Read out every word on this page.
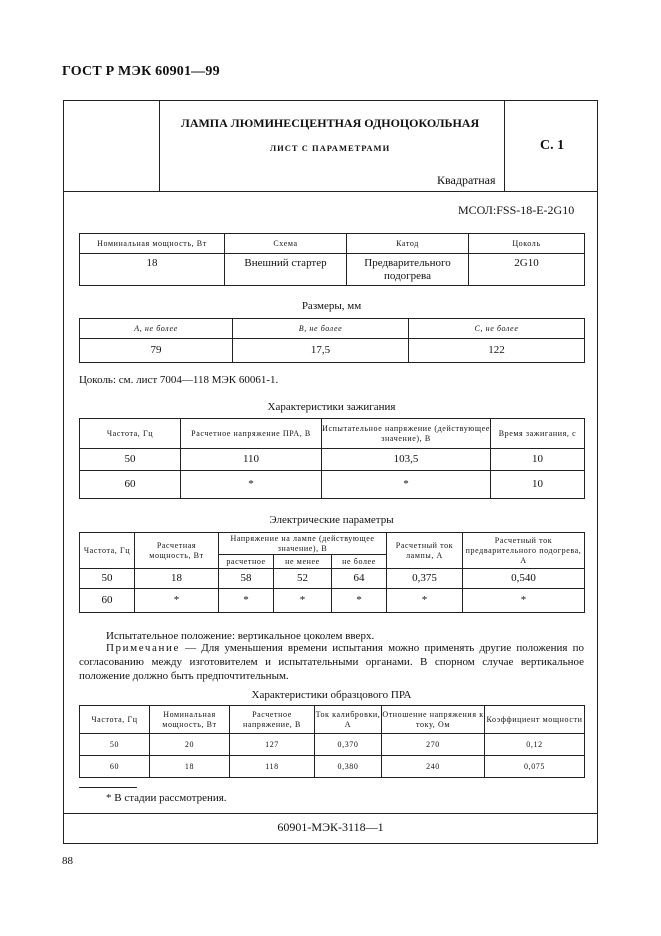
ГОСТ Р МЭК 60901—99
ЛАМПА ЛЮМИНЕСЦЕНТНАЯ ОДНОЦОКОЛЬНАЯ
ЛИСТ С ПАРАМЕТРАМИ	С. 1
Квадратная
МСОЛ:FSS-18-E-2G10
Номинальная мощность, Вт	Схема	Катод	Цоколь
18	Внешний стартер	Предварительного подогрева	2G10
Размеры, мм
A, не более	B, не более	C, не более
79	17,5	122
Цоколь: см. лист 7004—118 МЭК 60061-1.
Характеристики зажигания
Частота, Гц	Расчетное напряжение ПРА, В	Испытательное напряжение (действующее значение), В	Время зажигания, с
50	110	103,5	10
60	*	*	10
Электрические параметры
Частота, Гц	Расчетная мощность, Вт	Напряжение на лампе (действующее значение), В			Расчетный ток лампы, А	Расчетный ток предварительного подогрева, А
		расчетное	не менее	не более		
50	18	58	52	64	0,375	0,540
60	*	*	*	*	*	*
Испытательное положение: вертикальное цоколем вверх.
Примечание — Для уменьшения времени испытания можно применять другие положения по согласованию между изготовителем и испытательными органами. В спорном случае вертикальное положение должно быть предпочтительным.
Характеристики образцового ПРА
Частота, Гц	Номинальная мощность, Вт	Расчетное напряжение, В	Ток калибровки, А	Отношение напряжения к току, Ом	Коэффициент мощности
50	20	127	0,370	270	0,12
60	18	118	0,380	240	0,075
* В стадии рассмотрения.
60901-МЭК-3118—1
88
